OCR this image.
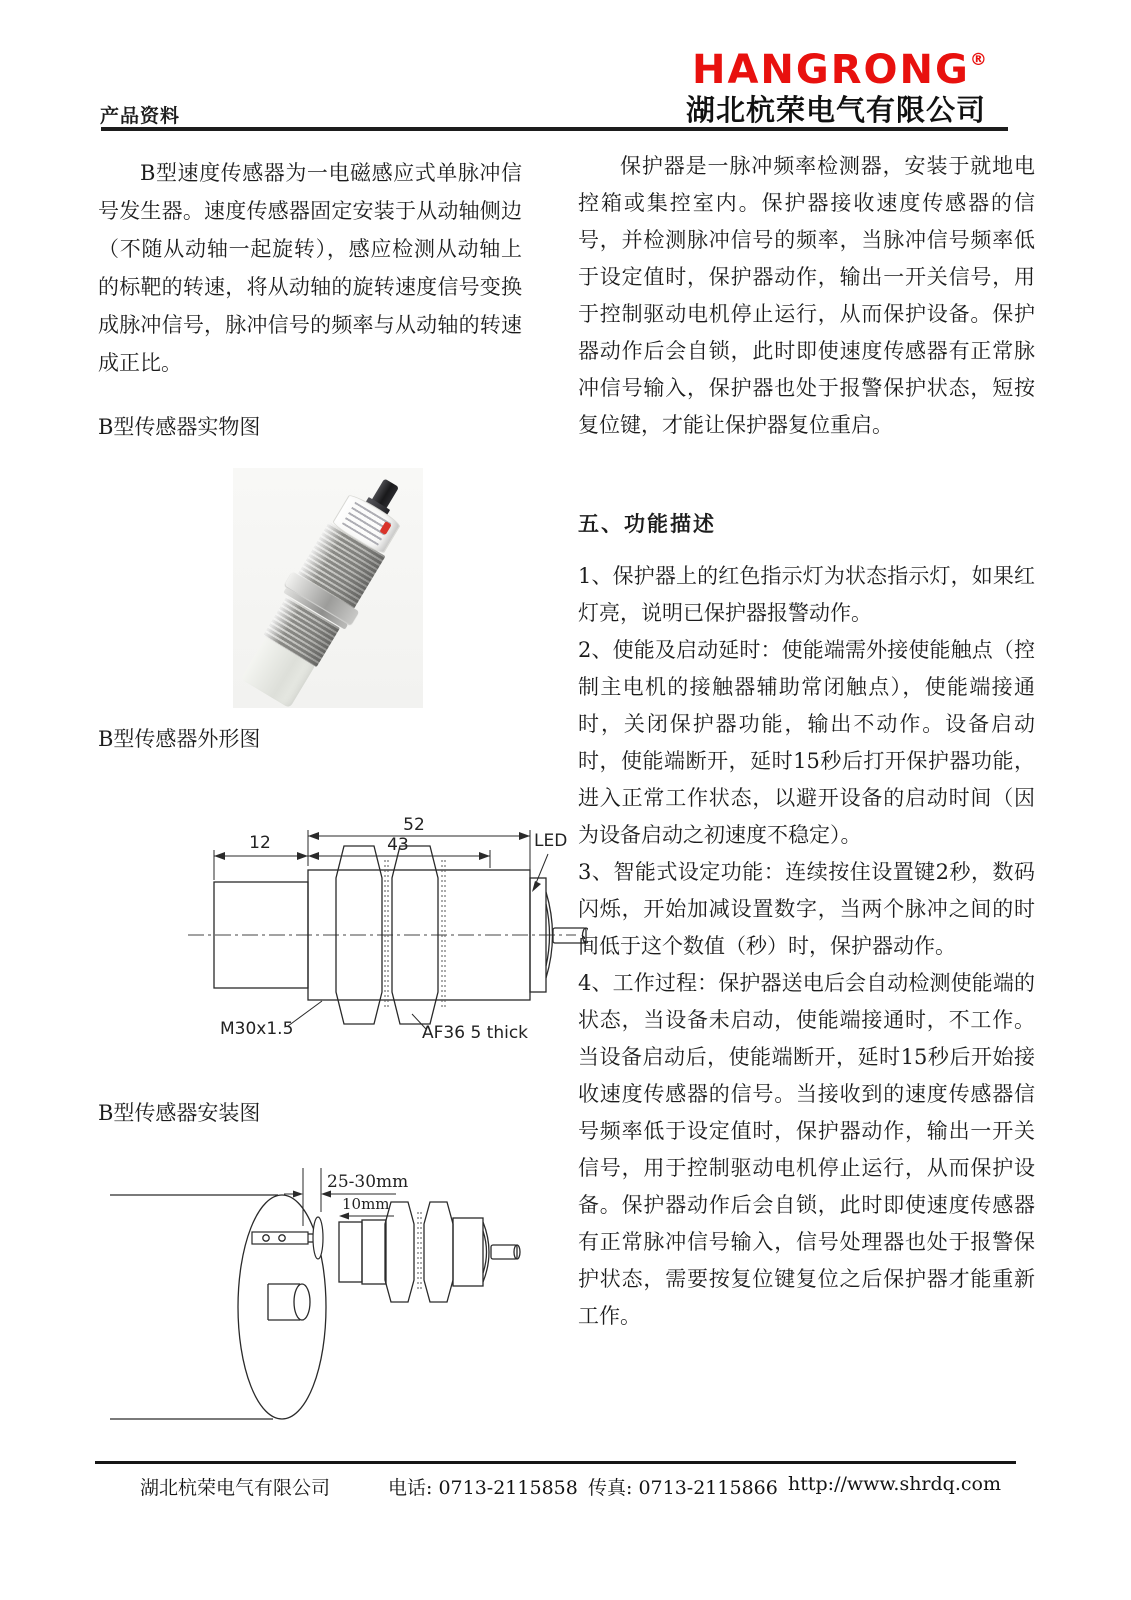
产品资料
HANGRONG®
湖北杭荣电气有限公司

B型速度传感器为一电磁感应式单脉冲信号发生器。速度传感器固定安装于从动轴侧边（不随从动轴一起旋转），感应检测从动轴上的标靶的转速，将从动轴的旋转速度信号变换成脉冲信号，脉冲信号的频率与从动轴的转速成正比。

B型传感器实物图
B型传感器外形图
52
43
12	LED
M30x1.5	AF36 5 thick
B型传感器安装图
25-30mm
10mm

保护器是一脉冲频率检测器，安装于就地电控箱或集控室内。保护器接收速度传感器的信号，并检测脉冲信号的频率，当脉冲信号频率低于设定值时，保护器动作，输出一开关信号，用于控制驱动电机停止运行，从而保护设备。保护器动作后会自锁，此时即使速度传感器有正常脉冲信号输入，保护器也处于报警保护状态，短按复位键，才能让保护器复位重启。

五、功能描述

1、保护器上的红色指示灯为状态指示灯，如果红灯亮，说明已保护器报警动作。

2、使能及启动延时：使能端需外接使能触点（控制主电机的接触器辅助常闭触点），使能端接通时，关闭保护器功能，输出不动作。设备启动时，使能端断开，延时15秒后打开保护器功能，进入正常工作状态，以避开设备的启动时间（因为设备启动之初速度不稳定）。

3、智能式设定功能：连续按住设置键2秒，数码闪烁，开始加减设置数字，当两个脉冲之间的时间低于这个数值（秒）时，保护器动作。

4、工作过程：保护器送电后会自动检测使能端的状态，当设备未启动，使能端接通时，不工作。当设备启动后，使能端断开，延时15秒后开始接收速度传感器的信号。当接收到的速度传感器信号频率低于设定值时，保护器动作，输出一开关信号，用于控制驱动电机停止运行，从而保护设备。保护器动作后会自锁，此时即使速度传感器有正常脉冲信号输入，信号处理器也处于报警保护状态，需要按复位键复位之后保护器才能重新工作。

湖北杭荣电气有限公司	电话: 0713-2115858 传真: 0713-2115866 http://www.shrdq.com
